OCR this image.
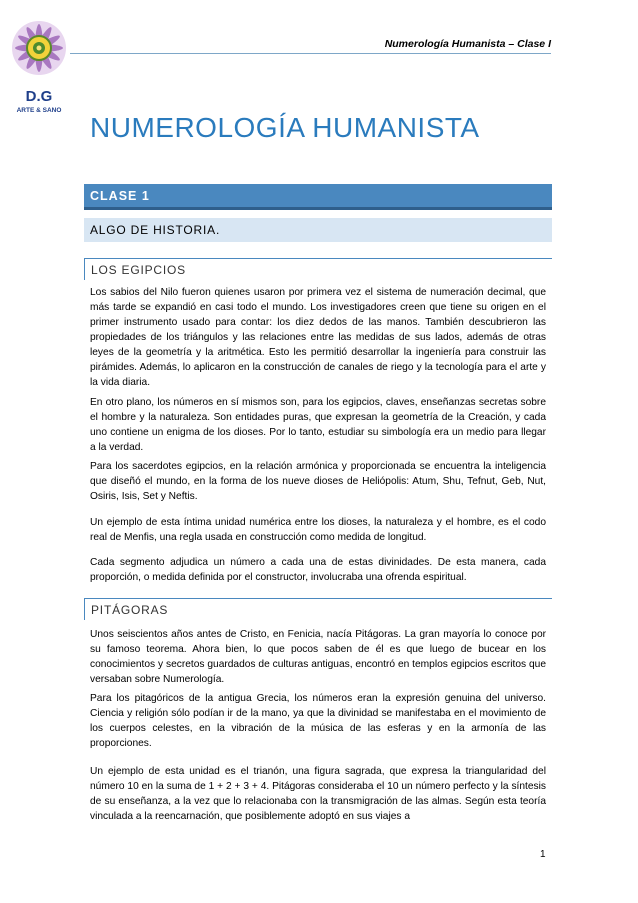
D.G
ARTE & SANO
Numerología Humanista – Clase I
NUMEROLOGÍA HUMANISTA
CLASE 1
ALGO DE HISTORIA.
LOS EGIPCIOS

Los sabios del Nilo fueron quienes usaron por primera vez el sistema de numeración decimal, que más tarde se expandió en casi todo el mundo. Los investigadores creen que tiene su origen en el primer instrumento usado para contar: los diez dedos de las manos. También descubrieron las propiedades de los triángulos y las relaciones entre las medidas de sus lados, además de otras leyes de la geometría y la aritmética. Esto les permitió desarrollar la ingeniería para construir las pirámides. Además, lo aplicaron en la construcción de canales de riego y la tecnología para el arte y la vida diaria.

En otro plano, los números en sí mismos son, para los egipcios, claves, enseñanzas secretas sobre el hombre y la naturaleza. Son entidades puras, que expresan la geometría de la Creación, y cada uno contiene un enigma de los dioses. Por lo tanto, estudiar su simbología era un medio para llegar a la verdad.

Para los sacerdotes egipcios, en la relación armónica y proporcionada se encuentra la inteligencia que diseñó el mundo, en la forma de los nueve dioses de Heliópolis: Atum, Shu, Tefnut, Geb, Nut, Osiris, Isis, Set y Neftis.

Un ejemplo de esta íntima unidad numérica entre los dioses, la naturaleza y el hombre, es el codo real de Menfis, una regla usada en construcción como medida de longitud.

Cada segmento adjudica un número a cada una de estas divinidades. De esta manera, cada proporción, o medida definida por el constructor, involucraba una ofrenda espiritual.

PITÁGORAS

Unos seiscientos años antes de Cristo, en Fenicia, nacía Pitágoras. La gran mayoría lo conoce por su famoso teorema. Ahora bien, lo que pocos saben de él es que luego de bucear en los conocimientos y secretos guardados de culturas antiguas, encontró en templos egipcios escritos que versaban sobre Numerología.

Para los pitagóricos de la antigua Grecia, los números eran la expresión genuina del universo. Ciencia y religión sólo podían ir de la mano, ya que la divinidad se manifestaba en el movimiento de los cuerpos celestes, en la vibración de la música de las esferas y en la armonía de las proporciones.

Un ejemplo de esta unidad es el trianón, una figura sagrada, que expresa la triangularidad del número 10 en la suma de 1 + 2 + 3 + 4. Pitágoras consideraba el 10 un número perfecto y la síntesis de su enseñanza, a la vez que lo relacionaba con la transmigración de las almas. Según esta teoría vinculada a la reencarnación, que posiblemente adoptó en sus viajes a

1
